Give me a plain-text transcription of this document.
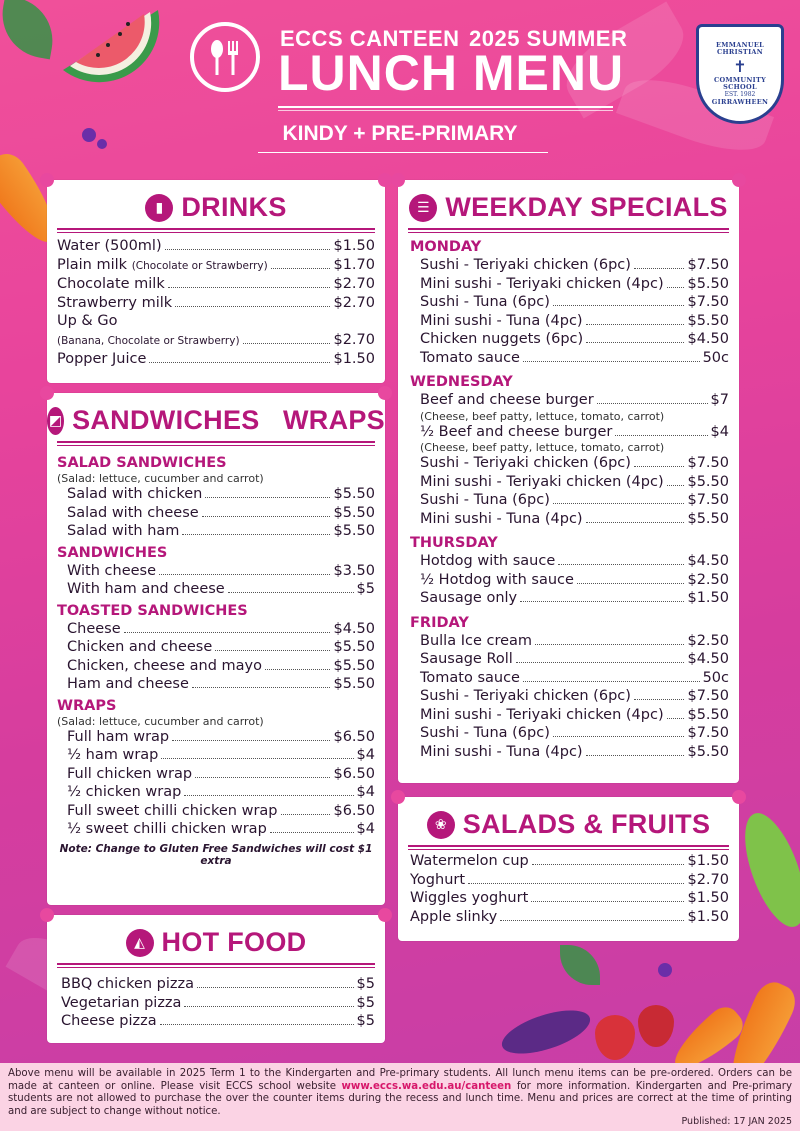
ECCS CANTEEN 2025 SUMMER
LUNCH MENU
KINDY + PRE-PRIMARY
EMMANUEL
CHRISTIAN
✝
COMMUNITY
SCHOOL
EST. 1982
GIRRAWHEEN
▮ DRINKS
Water (500ml)	$1.50
Plain milk (Chocolate or Strawberry)	$1.70
Chocolate milk	$2.70
Strawberry milk	$2.70
Up & Go
(Banana, Chocolate or Strawberry)	$2.70
Popper Juice	$1.50
◩ SANDWICHES   WRAPS
SALAD SANDWICHES
(Salad: lettuce, cucumber and carrot)
Salad with chicken	$5.50
Salad with cheese	$5.50
Salad with ham	$5.50
SANDWICHES
With cheese	$3.50
With ham and cheese	$5
TOASTED SANDWICHES
Cheese	$4.50
Chicken and cheese	$5.50
Chicken, cheese and mayo	$5.50
Ham and cheese	$5.50
WRAPS
(Salad: lettuce, cucumber and carrot)
Full ham wrap	$6.50
½ ham wrap	$4
Full chicken wrap	$6.50
½ chicken wrap	$4
Full sweet chilli chicken wrap	$6.50
½ sweet chilli chicken wrap	$4
Note: Change to Gluten Free Sandwiches will cost $1 extra
◭ HOT FOOD
BBQ chicken pizza	$5
Vegetarian pizza	$5
Cheese pizza	$5
☰ WEEKDAY SPECIALS
MONDAY
Sushi - Teriyaki chicken (6pc)	$7.50
Mini sushi - Teriyaki chicken (4pc) $5.50
Sushi - Tuna (6pc)	$7.50
Mini sushi - Tuna (4pc)	$5.50
Chicken nuggets (6pc)	$4.50
Tomato sauce	50c
WEDNESDAY
Beef and cheese burger	$7
(Cheese, beef patty, lettuce, tomato, carrot)
½ Beef and cheese burger	$4
(Cheese, beef patty, lettuce, tomato, carrot)
Sushi - Teriyaki chicken (6pc)	$7.50
Mini sushi - Teriyaki chicken (4pc) $5.50
Sushi - Tuna (6pc)	$7.50
Mini sushi - Tuna (4pc)	$5.50
THURSDAY
Hotdog with sauce	$4.50
½ Hotdog with sauce	$2.50
Sausage only	$1.50
FRIDAY
Bulla Ice cream	$2.50
Sausage Roll	$4.50
Tomato sauce	50c
Sushi - Teriyaki chicken (6pc)	$7.50
Mini sushi - Teriyaki chicken (4pc) $5.50
Sushi - Tuna (6pc)	$7.50
Mini sushi - Tuna (4pc)	$5.50
❀ SALADS & FRUITS
Watermelon cup	$1.50
Yoghurt	$2.70
Wiggles yoghurt	$1.50
Apple slinky	$1.50
Above menu will be available in 2025 Term 1 to the Kindergarten and Pre-primary students. All lunch menu items can be pre-ordered. Orders can be made at canteen or online. Please visit ECCS school website www.eccs.wa.edu.au/canteen for more information. Kindergarten and Pre-primary students are not allowed to purchase the over the counter items during the recess and lunch time. Menu and prices are correct at the time of printing and are subject to change without notice.
Published: 17 JAN 2025
